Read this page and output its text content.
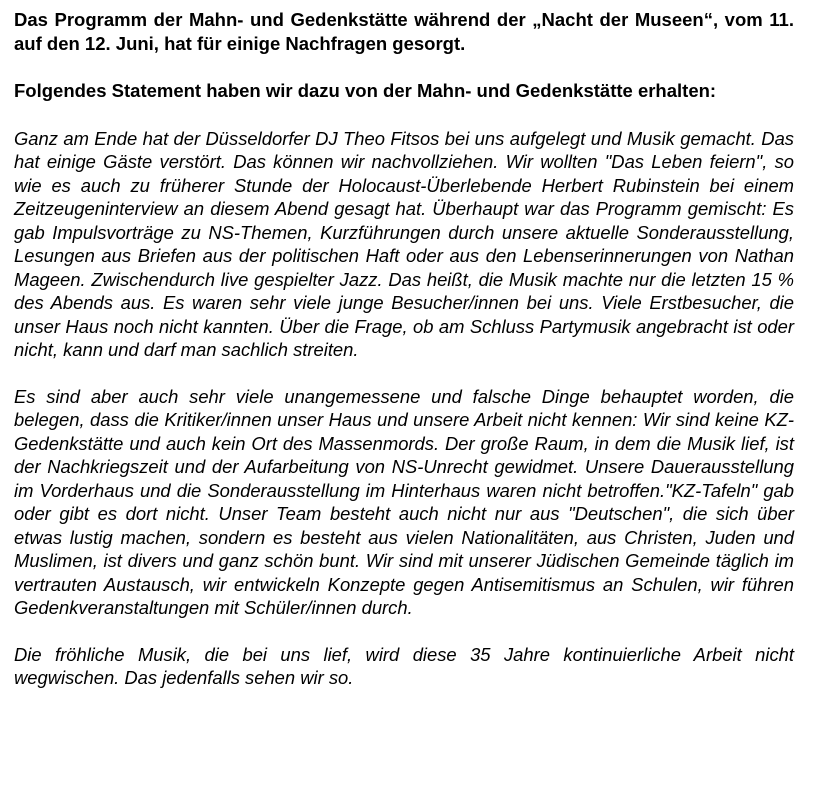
Das Programm der Mahn- und Gedenkstätte während der „Nacht der Museen“, vom 11. auf den 12. Juni, hat für einige Nachfragen gesorgt.

Folgendes Statement haben wir dazu von der Mahn- und Gedenkstätte erhalten:

Ganz am Ende hat der Düsseldorfer DJ Theo Fitsos bei uns aufgelegt und Musik gemacht. Das hat einige Gäste verstört. Das können wir nachvollziehen. Wir wollten "Das Leben feiern", so wie es auch zu früherer Stunde der Holocaust-Überlebende Herbert Rubinstein bei einem Zeitzeugeninterview an diesem Abend gesagt hat. Überhaupt war das Programm gemischt: Es gab Impulsvorträge zu NS-Themen, Kurzführungen durch unsere aktuelle Sonderausstellung, Lesungen aus Briefen aus der politischen Haft oder aus den Lebenserinnerungen von Nathan Mageen. Zwischendurch live gespielter Jazz. Das heißt, die Musik machte nur die letzten 15 % des Abends aus. Es waren sehr viele junge Besucher/innen bei uns. Viele Erstbesucher, die unser Haus noch nicht kannten. Über die Frage, ob am Schluss Partymusik angebracht ist oder nicht, kann und darf man sachlich streiten.

Es sind aber auch sehr viele unangemessene und falsche Dinge behauptet worden, die belegen, dass die Kritiker/innen unser Haus und unsere Arbeit nicht kennen: Wir sind keine KZ-Gedenkstätte und auch kein Ort des Massenmords. Der große Raum, in dem die Musik lief, ist der Nachkriegszeit und der Aufarbeitung von NS-Unrecht gewidmet. Unsere Dauerausstellung im Vorderhaus und die Sonderausstellung im Hinterhaus waren nicht betroffen."KZ-Tafeln" gab oder gibt es dort nicht. Unser Team besteht auch nicht nur aus "Deutschen", die sich über etwas lustig machen, sondern es besteht aus vielen Nationalitäten, aus Christen, Juden und Muslimen, ist divers und ganz schön bunt. Wir sind mit unserer Jüdischen Gemeinde täglich im vertrauten Austausch, wir entwickeln Konzepte gegen Antisemitismus an Schulen, wir führen Gedenkveranstaltungen mit Schüler/innen durch.

Die fröhliche Musik, die bei uns lief, wird diese 35 Jahre kontinuierliche Arbeit nicht wegwischen. Das jedenfalls sehen wir so.
